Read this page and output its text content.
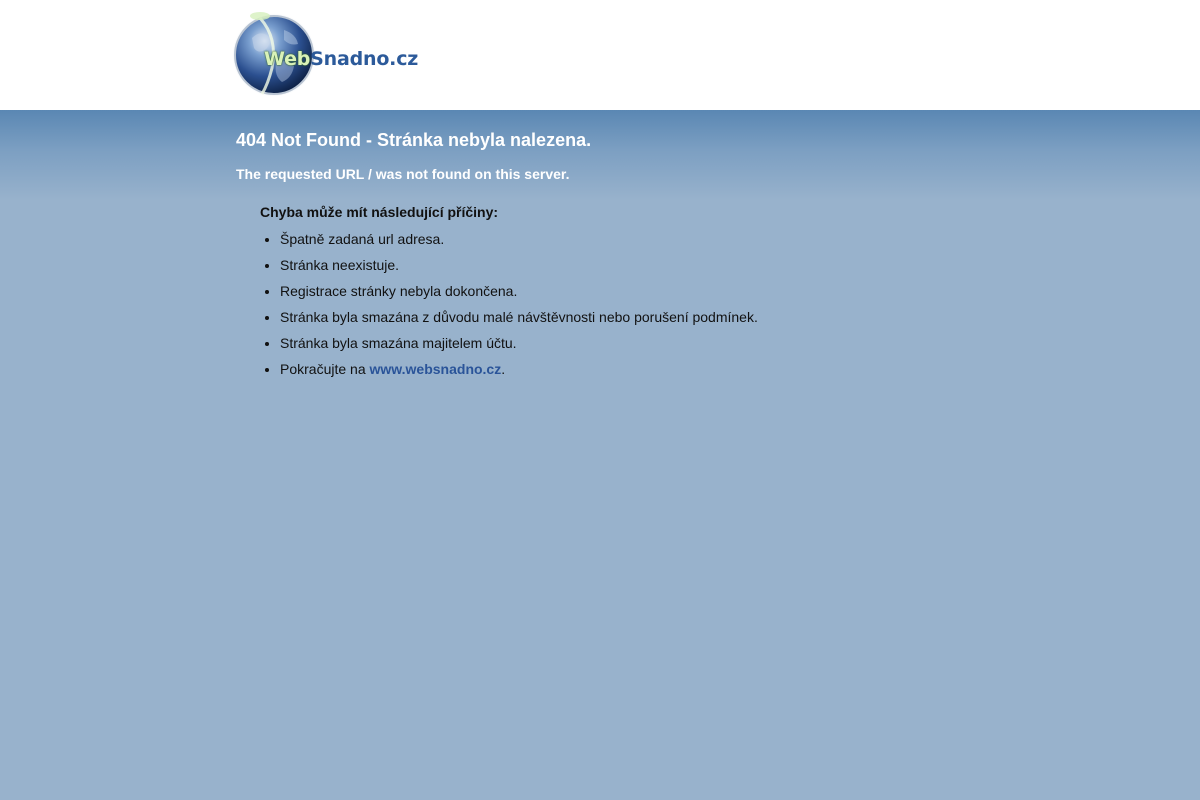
WebSnadno.cz
404 Not Found - Stránka nebyla nalezena.

The requested URL / was not found on this server.

Chyba může mít následující příčiny:

• Špatně zadaná url adresa.
• Stránka neexistuje.
• Registrace stránky nebyla dokončena.
• Stránka byla smazána z důvodu malé návštěvnosti nebo porušení podmínek.
• Stránka byla smazána majitelem účtu.
• Pokračujte na www.websnadno.cz.
